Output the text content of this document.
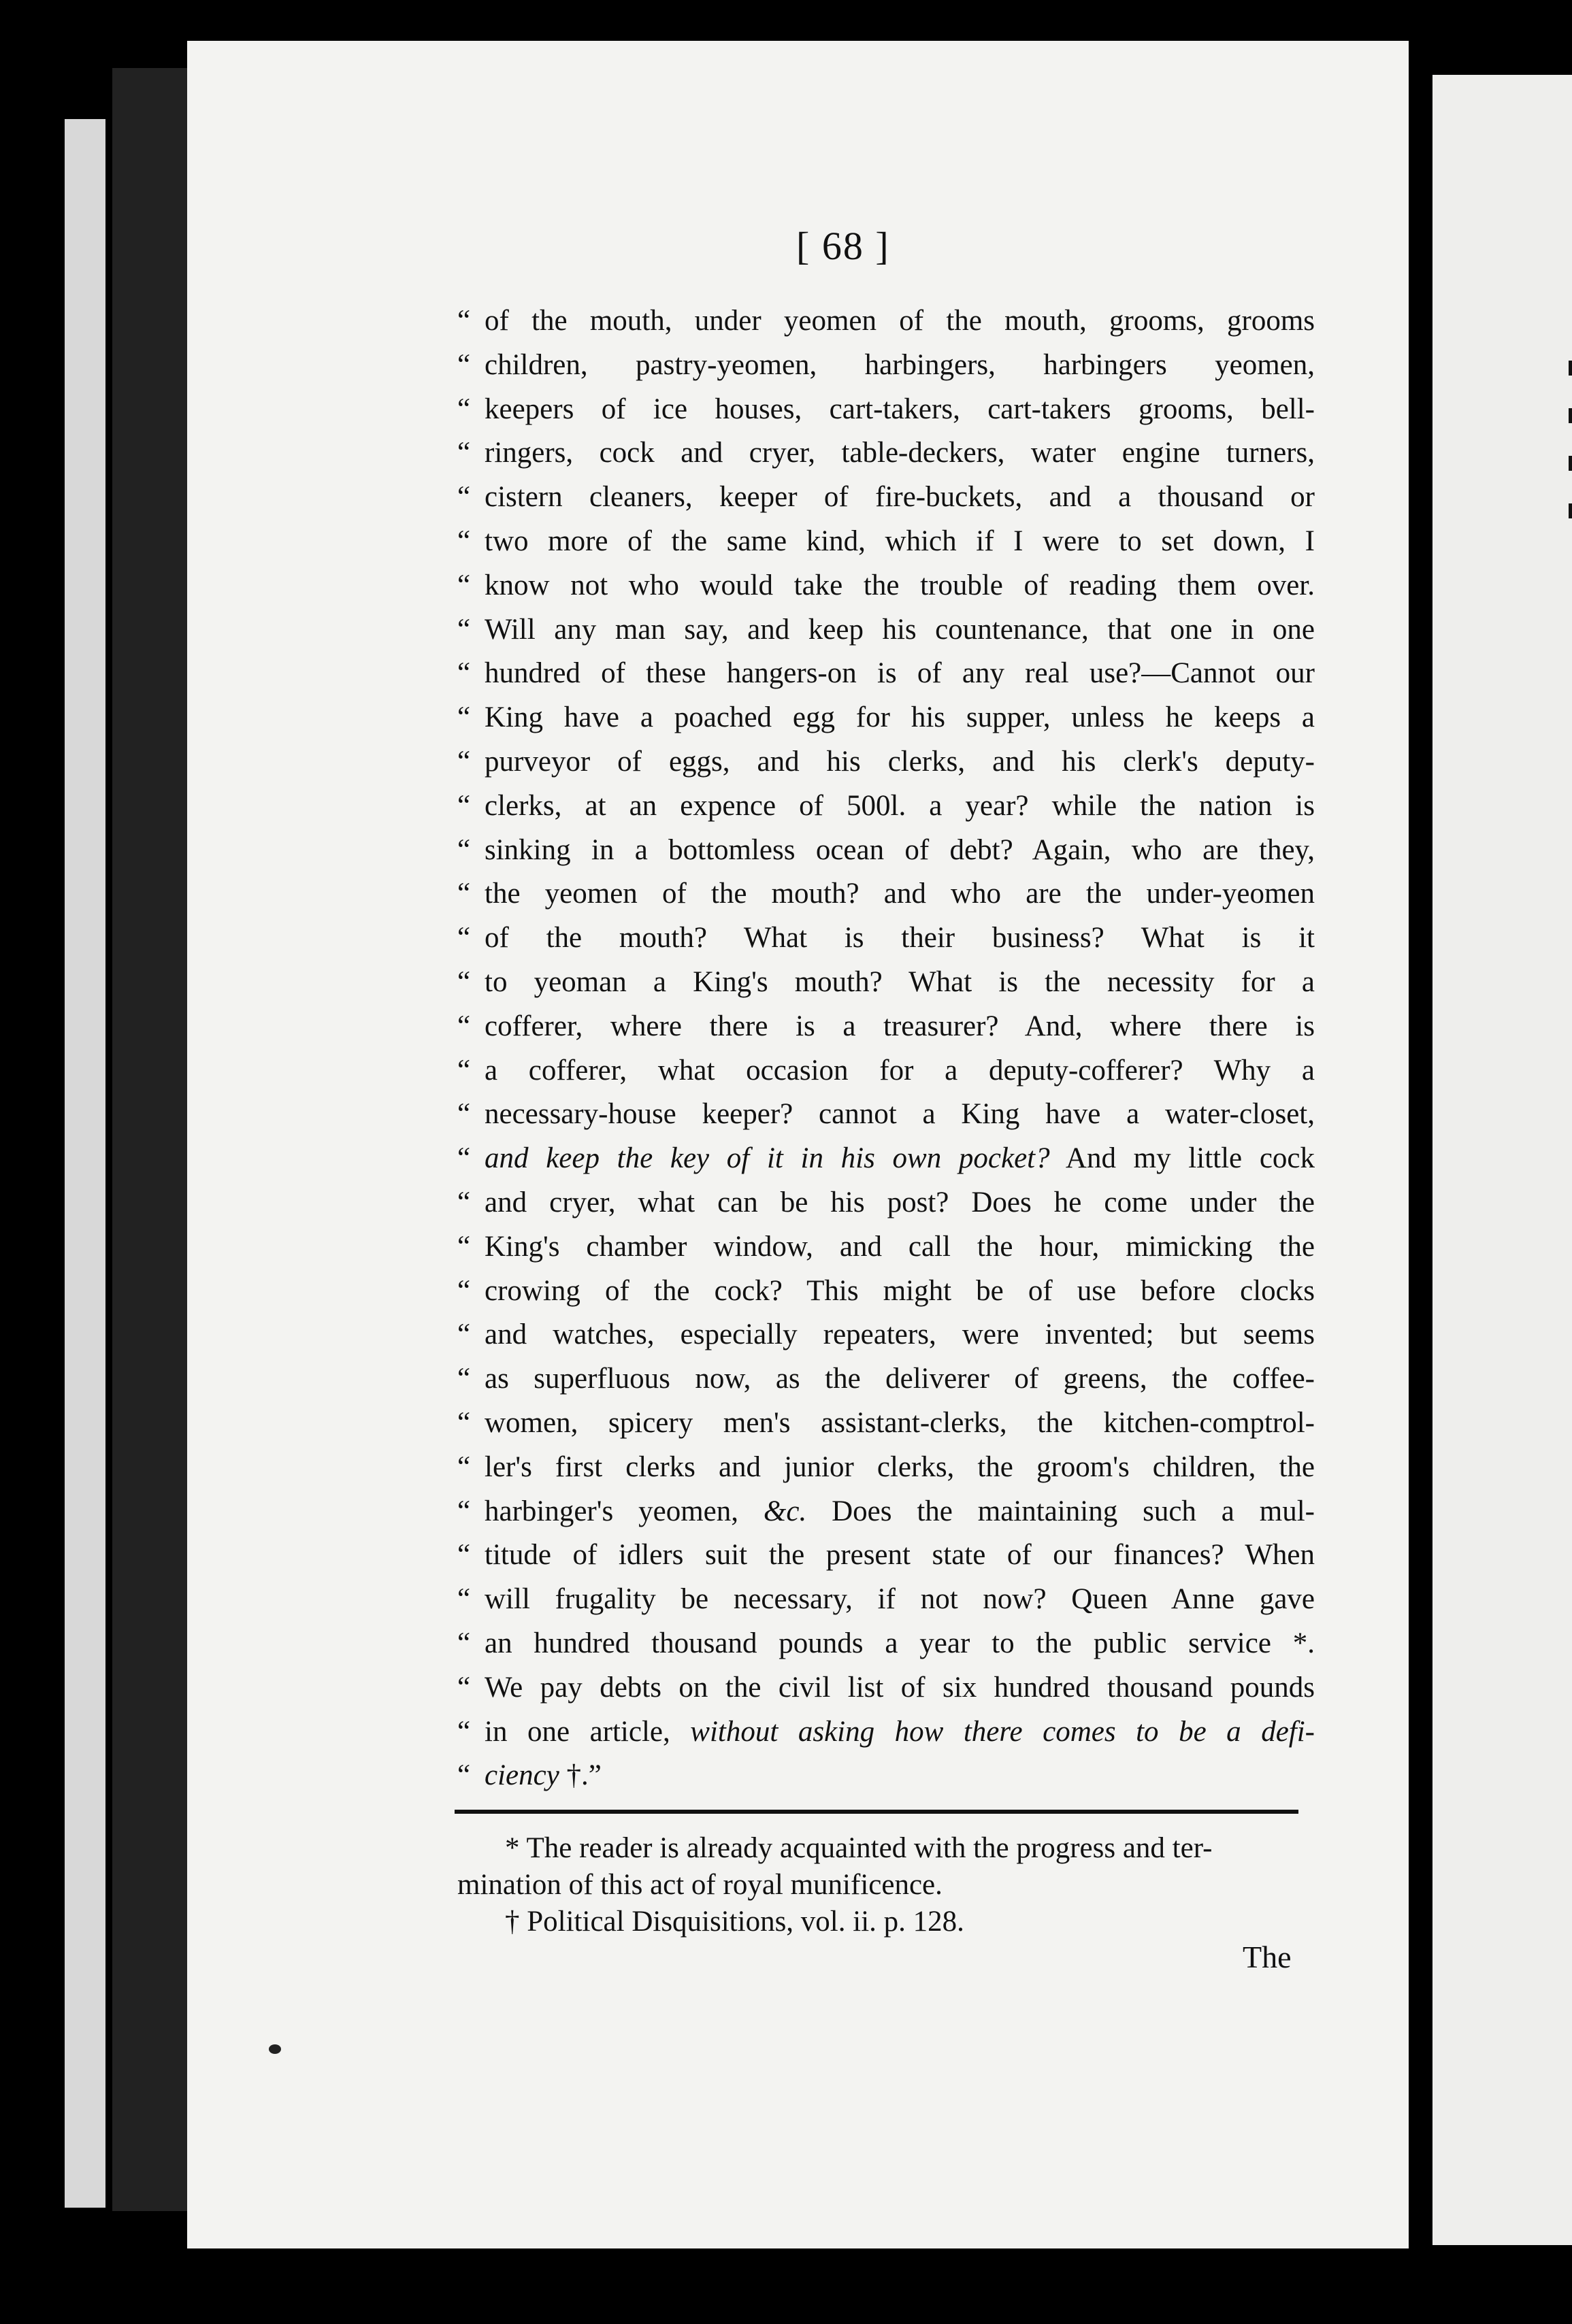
[ 68 ]
“ of the mouth, under yeomen of the mouth, grooms, grooms
“ children, pastry-yeomen, harbingers, harbingers yeomen,
“ keepers of ice houses, cart-takers, cart-takers grooms, bell-
“ ringers, cock and cryer, table-deckers, water engine turners,
“ cistern cleaners, keeper of fire-buckets, and a thousand or
“ two more of the same kind, which if I were to set down, I
“ know not who would take the trouble of reading them over.
“ Will any man say, and keep his countenance, that one in one
“ hundred of these hangers-on is of any real use?—Cannot our
“ King have a poached egg for his supper, unless he keeps a
“ purveyor of eggs, and his clerks, and his clerk's deputy-
“ clerks, at an expence of 500l. a year? while the nation is
“ sinking in a bottomless ocean of debt? Again, who are they,
“ the yeomen of the mouth? and who are the under-yeomen
“ of the mouth? What is their business? What is it
“ to yeoman a King's mouth? What is the necessity for a
“ cofferer, where there is a treasurer? And, where there is
“ a cofferer, what occasion for a deputy-cofferer? Why a
“ necessary-house keeper? cannot a King have a water-closet,
“ and keep the key of it in his own pocket? And my little cock
“ and cryer, what can be his post? Does he come under the
“ King's chamber window, and call the hour, mimicking the
“ crowing of the cock? This might be of use before clocks
“ and watches, especially repeaters, were invented; but seems
“ as superfluous now, as the deliverer of greens, the coffee-
“ women, spicery men's assistant-clerks, the kitchen-comptrol-
“ ler's first clerks and junior clerks, the groom's children, the
“ harbinger's yeomen, &c. Does the maintaining such a mul-
“ titude of idlers suit the present state of our finances? When
“ will frugality be necessary, if not now? Queen Anne gave
“ an hundred thousand pounds a year to the public service *.
“ We pay debts on the civil list of six hundred thousand pounds
“ in one article, without asking how there comes to be a defi-
“ ciency †.”
* The reader is already acquainted with the progress and ter-
mination of this act of royal munificence.
† Political Disquisitions, vol. ii. p. 128.
The
